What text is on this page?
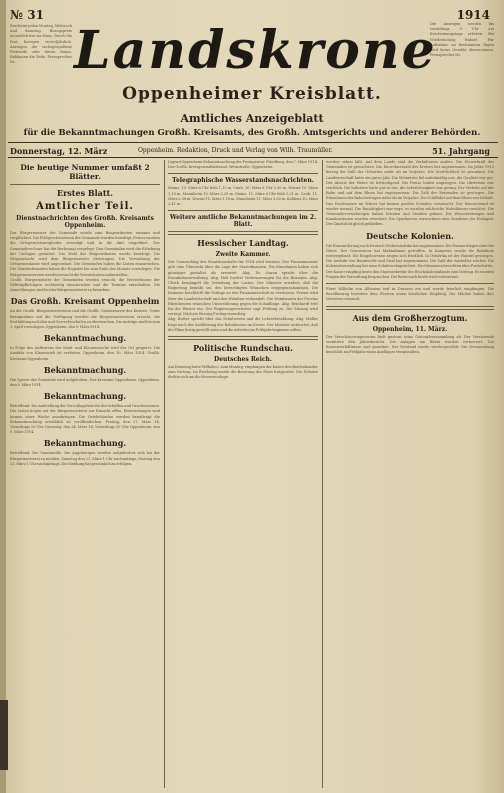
№ 31	1914
Erscheint jeden Montag, Mittwoch und Samstag. Bezugspreis monatlich frei ins Haus. Durch die Post bezogen vierteljährlich. Anzeigen die sechsgespaltene Petitzeile oder deren Raum. Reklamen die Zeile. Fernsprecher Nr.
Die Anzeigen werden bis vormittags 9 Uhr am Erscheinungstage erbeten. Bei Wiederholung Rabatt. Für Aufnahme an bestimmten Tagen wird keine Gewähr übernommen. Fernsprecher Nr.
Landskrone
Oppenheimer Kreisblatt.
Amtliches Anzeigeblatt
für die Bekanntmachungen Großh. Kreisamts, des Großh. Amtsgerichts und anderer Behörden.
Donnerstag, 12. März	Oppenheim. Redaktion, Druck und Verlag von Wilh. Traumüller.	51. Jahrgang
Die heutige Nummer umfaßt 2 Blätter.
Erstes Blatt.
Amtlicher Teil.
Dienstnachrichten des Großh. Kreisamts Oppenheim.
Der Bürgermeister der Gemeinde wurde zum Beigeordneten ernannt und verpflichtet. Die Feldgeschworenen der Gemeinde wurden bestätigt. Ferner wurden die Ortsgerichtsmitglieder vereidigt und in ihr Amt eingeführt. Der Gemeinderechner hat die Rechnung vorgelegt. Den Gemeinden wird die Erhebung der Umlagen gestattet. Die Wahl des Beigeordneten wurde bestätigt. Die Wegeaufsicht wird dem Bürgermeister übertragen. Die Verwaltung der Ortsarmenkasse wird angeordnet. Die Gemeinden haben die Listen einzureichen. Die Standesbeamten haben die Register bis zum Ende des Monats vorzulegen. Die Bürgermeistereien werden ersucht die Verzeichnisse aufzustellen.
Großh. Bürgermeister der Gemeinden werden ersucht, die Verzeichnisse der Militärpflichtigen rechtzeitig einzureichen und die Termine einzuhalten. Die Anmeldungen sind bei der Bürgermeisterei zu bewirken.
Das Großh. Kreisamt Oppenheim
An die Großh. Bürgermeistereien und die Großh. Gendarmerie des Kreises. Unter Bezugnahme auf die Verfügung werden die Bürgermeistereien ersucht, die Fortbildungsschulen und Gewerbeschulen zu überwachen. Die Anträge sind bis zum 1. April vorzulegen. Oppenheim, den 9. März 1914.
Bekanntmachung.
In Folge des Auftretens der Maul- und Klauenseuche wird der Ort gesperrt. Die Ausfuhr von Klauenvieh ist verboten. Oppenheim, den 10. März 1914. Großh. Kreisamt Oppenheim.
Bekanntmachung.
Die Sperre der Gemeinde wird aufgehoben. Das Kreisamt Oppenheim. Oppenheim, den 9. März 1914.
Bekanntmachung.
Betreffend: Die Aufstellung der Vorschlagsliste für die Schöffen und Geschworenen. Die Listen liegen auf der Bürgermeisterei zur Einsicht offen. Einwendungen sind binnen einer Woche anzubringen. Die Ortsbehörden werden beauftragt die Bekanntmachung ortsüblich zu veröffentlichen. Freitag, den 27. März 14, Vormittags 10 Uhr. Dienstag, den 24. März 14, Vormittags 10 Uhr. Oppenheim, den 9. März 1914.
Bekanntmachung.
Betreffend: Die Stammrolle. Die Angehörigen werden aufgefordert sich bei der Bürgermeisterei zu melden. Samstag den 21. März 1 Uhr nachmittags, Montag den 23. März 1 Uhr nachmittags. Die Meldung hat persönlich zu erfolgen.
Jugend Oppenheim Bekanntmachung der Postagentur. Friedberg, den 7. März 1914. Der Großh. Kreisgesundheitsamt. Weinstraße. Oppenheim.
Telegraphische Wasserstandsnachrichten.
Mainz, 10. März 6 Uhr früh 1,15 m. Caub, 10. März 6 Uhr 2,30 m. Worms 10. März 1,10 m. Mannheim 10. März 3,25 m. Mainz, 11. März 6 Uhr früh 1,21 m. Caub, 11. März 2,38 m. Worms 11. März 1,18 m. Mannheim 11. März 3,30 m. Koblenz 10. März 2,41 m.
Weitere amtliche Bekanntmachungen im 2. Blatt.
Hessischer Landtag.
Zweite Kammer.
Der Voranschlag des Staatshaushalts für 1914 wird beraten. Der Finanzminister gibt eine Übersicht über die Lage der Staatsfinanzen. Die Einnahmen haben sich günstiger gestaltet als erwartet. Abg. Dr. Osann spricht über die Eisenbahnverwaltung. Abg. Heil fordert Verbesserungen für die Beamten. Abg. Ulrich bemängelt die Verteilung der Lasten. Der Minister erwidert, daß die Regierung bemüht sei, den berechtigten Wünschen entgegenzukommen. Die Kammer beschließt die Vorlage an den Finanzausschuß zu verweisen. Ferner wird über die Landwirtschaft und den Weinbau verhandelt. Die Weinbauern der Provinz Rheinhessen wünschen Unterstützung gegen die Schädlinge. Abg. Reinhardt tritt für die Winzer ein. Der Regierungsvertreter sagt Prüfung zu. Die Sitzung wird vertagt. Nächste Sitzung Freitag vormittag.
Abg. Rotter spricht über das Schulwesen und die Lehrerbesoldung. Abg. Müller fragt nach der Ausführung der Bahnbauten im Kreise. Der Minister antwortet, daß die Pläne fertig gestellt seien und die Arbeiten im Frühjahr beginnen sollen.
Politische Rundschau.
Deutsches Reich.
Am Dienstag hatte Wilhelm I. zum Montag, empfangen der Kaiser den Reichskanzler zum Vortrag. Im Reichstag wurde die Beratung des Etats fortgesetzt. Die Debatte drehte sich um die Heeresvorlage.
werden sehen läßt. Auf dem Lande sind die Verhältnisse anders. Die Steuerkraft der Gemeinden ist gewachsen. Die Einwohnerzahl des Kreises hat zugenommen. Im Jahre 1913 betrug die Zahl der Geburten mehr als im Vorjahre. Die Sterblichkeit ist gesunken. Die Landwirtschaft hatte ein gutes Jahr. Die Weinernte fiel mittelmäßig aus, die Qualität war gut. Der Absatz der Weine ist befriedigend. Die Preise haben angezogen. Die Obsternte war reichlich. Die Industrie hatte gut zu tun, die Arbeitslosigkeit war gering. Der Verkehr auf der Bahn und auf dem Rhein hat zugenommen. Die Zahl der Reisenden ist gestiegen. Die Einnahmen der Bahn betrugen mehr als im Vorjahre. Die Schiffahrt auf dem Rhein war lebhaft. Das Hochwasser im Winter hat keinen großen Schaden verursacht. Der Wasserstand ist wieder normal. Die Bautätigkeit war rege, es wurden zahlreiche Wohnhäuser errichtet. Die Gemeindeverwaltungen haben Schulen und Straßen gebaut. Die Wasserleitungen und Kanalisationen wurden erweitert. Die Sparkassen verzeichnen eine Zunahme der Einlagen. Der Zinsfuß ist gleich geblieben.
Deutsche Kolonien.
Die Einwanderung nach Deutsch-Südwestafrika hat zugenommen. Die Farmer klagen über die Dürre. Der Gouverneur hat Maßnahmen getroffen. In Kamerun wurde die Bahnlinie weitergebaut. Die Eingeborenen zeigen sich friedlich. In Ostafrika ist der Handel gestiegen. Die Ausfuhr von Baumwolle und Sisal hat zugenommen. Die Zahl der Ansiedler wächst. Die Kolonialverwaltung hat neue Schulen eingerichtet. Die Missionen berichten über Fortschritte.
Der Kaiser empfing heute den Staatssekretär des Reichskolonialamts zum Vortrag. Es wurden Fragen der Verwaltung besprochen. Die Reise nach Korfu wird vorbereitet.
Fürst Wilhelm von Albanien traf in Durazzo ein und wurde feierlich empfangen. Die Bevölkerung bereitete dem Fürsten einen herzlichen Empfang. Die Mächte haben ihre Vertreter entsandt.
Aus dem Großherzogtum.
Oppenheim, 11. März.
Der Verschönerungsverein hielt gestern seine Generalversammlung ab. Der Vorsitzende erstattete den Jahresbericht. Die Anlagen am Rhein wurden verbessert. Die Kassenverhältnisse sind geordnet. Der Vorstand wurde wiedergewählt. Die Versammlung beschloß, im Frühjahr einen Ausflug zu veranstalten.
